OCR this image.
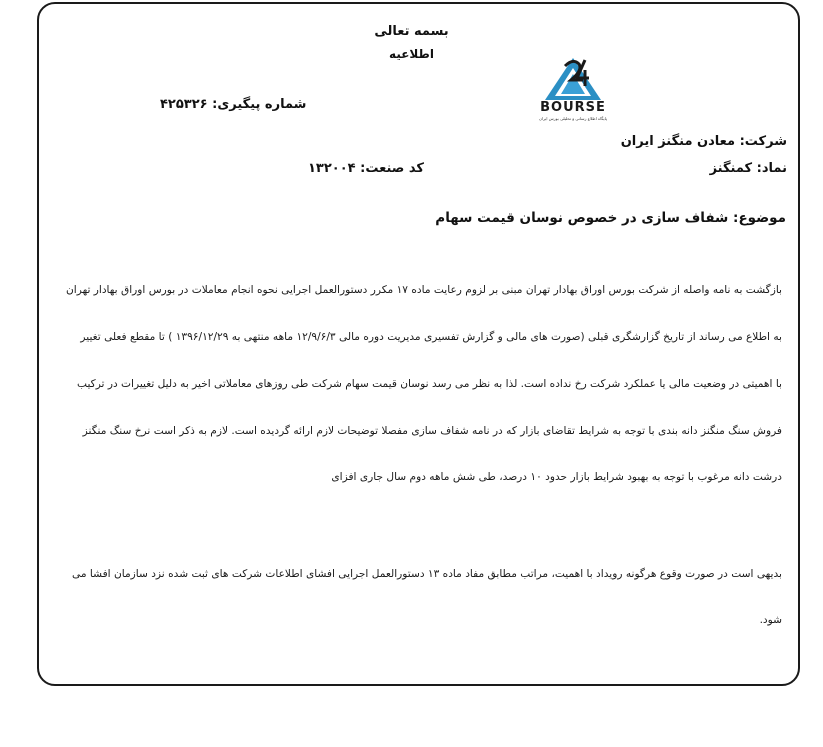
بسمه تعالی
اطلاعیه
شماره پیگیری: ۴۲۵۳۲۶	BOURSE
پایگاه اطلاع رسانی و تحلیلی بورس ایران
شرکت: معادن منگنز ایران
نماد: کمنگنز
کد صنعت: ۱۳۲۰۰۴
موضوع: شفاف سازی در خصوص نوسان قیمت سهام
بازگشت به نامه واصله از شرکت بورس اوراق بهادار تهران مبنی بر لزوم رعایت ماده ۱۷ مکرر دستورالعمل اجرایی نحوه انجام معاملات در بورس اوراق بهادار تهران
به اطلاع می رساند از تاریخ گزارشگری قبلی (صورت های مالی و گزارش تفسیری مدیریت دوره مالی ۱۲/۹/۶/۳ ماهه منتهی به ۱۳۹۶/۱۲/۲۹ ) تا مقطع فعلی تغییر
با اهمیتی در وضعیت مالی یا عملکرد شرکت رخ نداده است. لذا به نظر می رسد نوسان قیمت سهام شرکت طی روزهای معاملاتی اخیر به دلیل تغییرات در ترکیب
فروش سنگ منگنز دانه بندی با توجه به شرایط تقاضای بازار که در نامه شفاف سازی مفصلا توضیحات لازم ارائه گردیده است. لازم به ذکر است نرخ سنگ منگنز
درشت دانه مرغوب با توجه به بهبود شرایط بازار حدود ۱۰ درصد، طی شش ماهه دوم سال جاری افزای
بدیهی است در صورت وقوع هرگونه رویداد با اهمیت، مراتب مطابق مفاد ماده ۱۳ دستورالعمل اجرایی افشای اطلاعات شرکت های ثبت شده نزد سازمان افشا می
شود.
